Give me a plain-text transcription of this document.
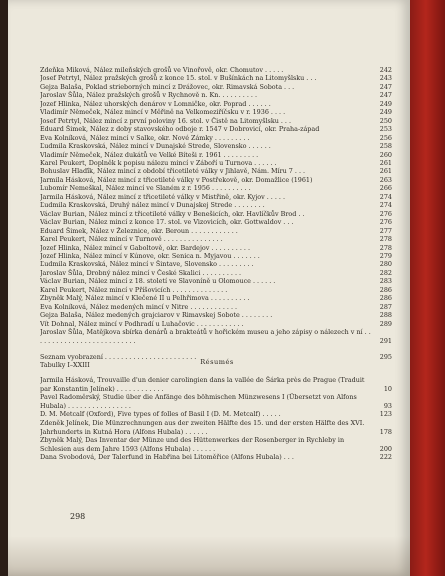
Zdeňka Miková, Nález mileňských grošů ve Vinořově, okr. Chomutov . . . . .	242
Josef Petrtyl, Nález pražských grošů z konce 15. stol. v Bušínkách na Litomyšlsku . . .	243
Gejza Balaša, Poklad strieborných mincí z Drážovec, okr. Rimavská Sobota . . .	247
Jaroslav Šůla, Nález pražských grošů v Rychnově n. Kn. . . . . . . . . .	247
Jozef Hlinka, Nález uhorských denárov v Lomničke, okr. Poprad . . . . . .	249
Vladimír Němeček, Nález mincí v Měřině na Velkomeziříčsku v r. 1936 . . . .	249
Josef Petrtyl, Nález mincí z první poloviny 16. stol. v Čistě na Litomyšlsku . . .	250
Eduard Šimek, Nález z doby stavovského odboje r. 1547 v Dobrovicí, okr. Praha-západ	253
Eva Kolníková, Nález mincí v Salke, okr. Nové Zámky . . . . . . . . .	256
Ľudmila Kraskovská, Nález mincí v Dunajské Strede, Slovensko . . . . . .	258
Vladimír Němeček, Nález dukátů ve Velké Bíteši r. 1961 . . . . . . . . .	260
Karel Peukert, Doplněk k popisu nálezu mincí v Záboří u Turnova . . . . . .	261
Bohuslav Hlaďík, Nález mincí z období třicetileté války v Jihlavě, Nám. Míru 7 . . .	261
Jarmila Hásková, Nález mincí z třicetileté války v Postřekově, okr. Domažlice (1961)	263
Lubomír Nemeškal, Nález mincí ve Slaném z r. 1956 . . . . . . . . . .	266
Jarmila Hásková, Nález mincí z třicetileté války v Mistřině, okr. Kyjov . . . . .	274
Ľudmila Kraskovská, Druhý nález mincí v Dunajskej Strede . . . . . . . .	274
Václav Burian, Nález mincí z třicetileté války v Benešicích, okr. Havlíčkův Brod . .	276
Václav Burian, Nález mincí z konce 17. stol. ve Vizovicích, okr. Gottwaldov . . .	276
Eduard Šimek, Nález v Železnice, okr. Beroun . . . . . . . . . . . .	277
Karel Peukert, Nález mincí v Turnově . . . . . . . . . . . . . . .	278
Jozef Hlinka, Nález mincí v Gaboltově, okr. Bardejov . . . . . . . . . .	278
Jozef Hlinka, Nález mincí v Kúnove, okr. Senica n. Myjavou . . . . . . .	279
Ľudmila Kraskovská, Nález mincí v Šintave, Slovensko . . . . . . . . .	280
Jaroslav Šůla, Drobný nález mincí v České Skalici . . . . . . . . . .	282
Václav Burian, Nález mincí z 18. století ve Slavoníně u Olomouce . . . . . .	283
Karel Peukert, Nález mincí v Příšovicích . . . . . . . . . . . . . .	286
Zbyněk Malý, Nález mincí v Klečené II u Pelhřimova . . . . . . . . . .	286
Eva Kolníková, Nález medených mincí v Nitre . . . . . . . . . . . .	287
Gejza Balaša, Nález medených grajciarov v Rimavskej Sobote . . . . . . . .	288
Vít Dohnal, Nález mincí v Podhradí u Luhačovic . . . . . . . . . . . .	289
Jaroslav Šůla, Matějkova sbírka denárů a brakteátů v hořickém museu a jeho zápisy o nálezech v ní . . . . . . . . . . . . . . . . . . . . . . . . . .	291
Seznam vyobrazení . . . . . . . . . . . . . . . . . . . . . . .	295
Tabulky I–XXIII	Résumés
Jarmila Hásková, Trouvaille d'un denier carolingien dans la vallée de Šárka près de Prague (Traduit par Konstantin Jelínek) . . . . . . . . . . . .	10
Pavel Radoměrský, Studie über die Anfänge des böhmischen Münzwesens I (Übersetzt von Alfons Hubala) . . . . . . . . . . . . . . . .	93
D. M. Metcalf (Oxford), Five types of folles of Basil I (D. M. Metcalf) . . . . .	123
Zdeněk Jelínek, Die Münzrechnungen aus der zweiten Hälfte des 15. und der ersten Hälfte des XVI. Jahrhunderts in Kutná Hora (Alfons Hubala) . . . . . .	178
Zbyněk Malý, Das Inventar der Münze und des Hüttenwerkes der Rosenberger in Rychleby in Schlesien aus dem Jahre 1593 (Alfons Hubala) . . . . . .	200
Dana Svobodová, Der Talerfund in Habřina bei Litoměřice (Alfons Hubala) . . .	222
298
